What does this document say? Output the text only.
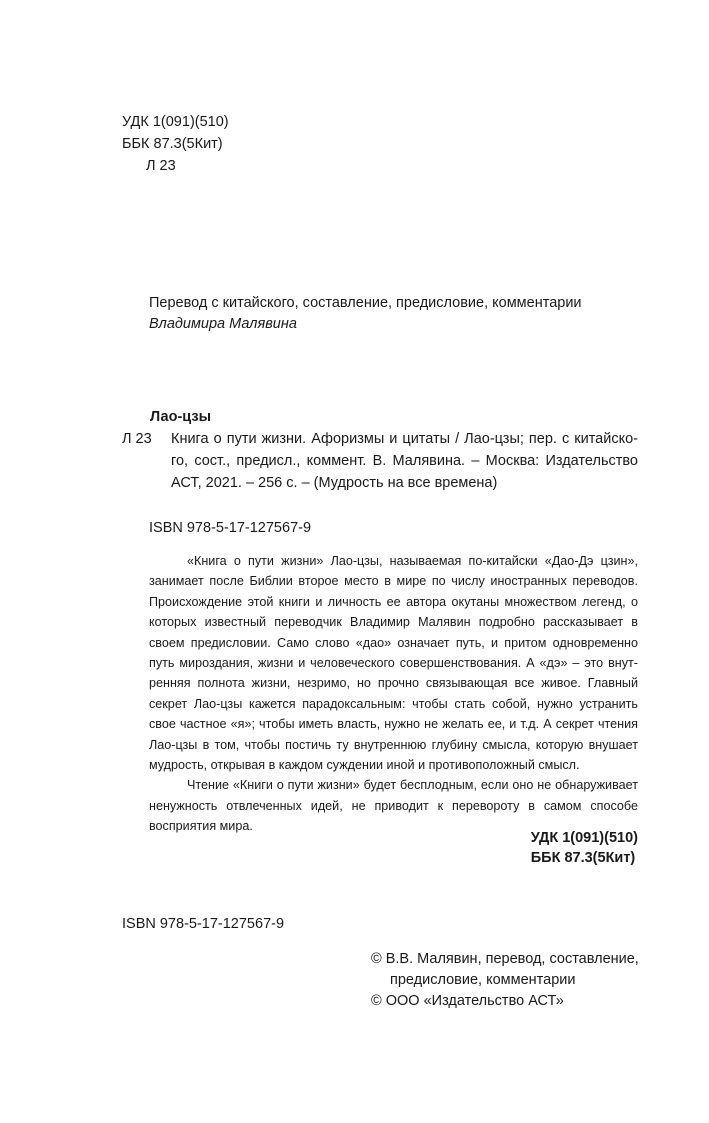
УДК 1(091)(510)
ББК 87.3(5Кит)
Л 23
Перевод с китайского, составление, предисловие, комментарии
Владимира Малявина
Лао-цзы
Л 23	Книга о пути жизни. Афоризмы и цитаты / Лао-цзы; пер. с китайского, сост., предисл., коммент. В. Малявина. – Москва: Издательство АСТ, 2021. – 256 с. – (Мудрость на все времена)
ISBN 978-5-17-127567-9

«Книга о пути жизни» Лао-цзы, называемая по-китайски «Дао-Дэ цзин», занимает после Библии второе место в мире по числу иностранных переводов. Происхождение этой книги и личность ее автора окутаны множеством легенд, о которых известный переводчик Владимир Малявин подробно рассказывает в своем предисловии. Само слово «дао» означает путь, и притом одновременно путь мироздания, жизни и человеческого совершенствования. А «дэ» – это внутренняя полнота жизни, незримо, но прочно связывающая все живое. Главный секрет Лао-цзы кажется парадоксальным: чтобы стать собой, нужно устранить свое частное «я»; чтобы иметь власть, нужно не желать ее, и т.д. А секрет чтения Лао-цзы в том, чтобы постичь ту внутреннюю глубину смысла, которую внушает мудрость, открывая в каждом суждении иной и противоположный смысл.

Чтение «Книги о пути жизни» будет бесплодным, если оно не обнаруживает ненужность отвлеченных идей, не приводит к перевороту в самом способе восприятия мира.

УДК 1(091)(510)
ББК 87.3(5Кит)
ISBN 978-5-17-127567-9
© В.В. Малявин, перевод, составление,
предисловие, комментарии
© ООО «Издательство АСТ»
